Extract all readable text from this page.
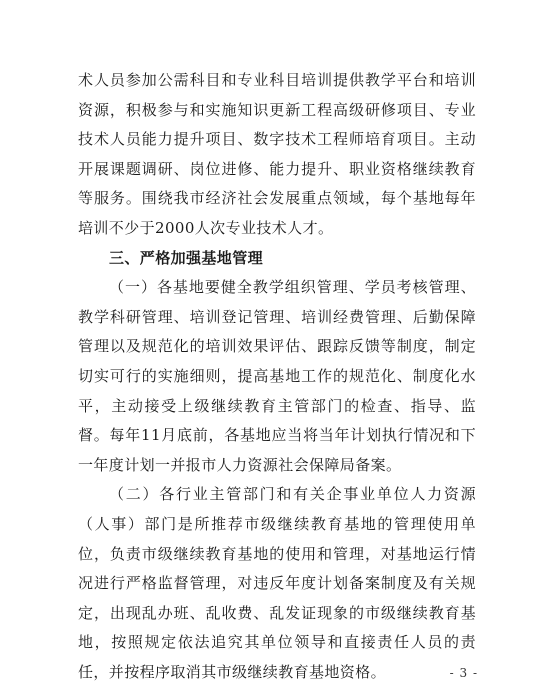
术人员参加公需科目和专业科目培训提供教学平台和培训资源，积极参与和实施知识更新工程高级研修项目、专业技术人员能力提升项目、数字技术工程师培育项目。主动开展课题调研、岗位进修、能力提升、职业资格继续教育等服务。围绕我市经济社会发展重点领域，每个基地每年培训不少于2000人次专业技术人才。

三、严格加强基地管理

（一）各基地要健全教学组织管理、学员考核管理、教学科研管理、培训登记管理、培训经费管理、后勤保障管理以及规范化的培训效果评估、跟踪反馈等制度，制定切实可行的实施细则，提高基地工作的规范化、制度化水平，主动接受上级继续教育主管部门的检查、指导、监督。每年11月底前，各基地应当将当年计划执行情况和下一年度计划一并报市人力资源社会保障局备案。

（二）各行业主管部门和有关企事业单位人力资源（人事）部门是所推荐市级继续教育基地的管理使用单位，负责市级继续教育基地的使用和管理，对基地运行情况进行严格监督管理，对违反年度计划备案制度及有关规定，出现乱办班、乱收费、乱发证现象的市级继续教育基地，按照规定依法追究其单位领导和直接责任人员的责任，并按程序取消其市级继续教育基地资格。	- 3 -
